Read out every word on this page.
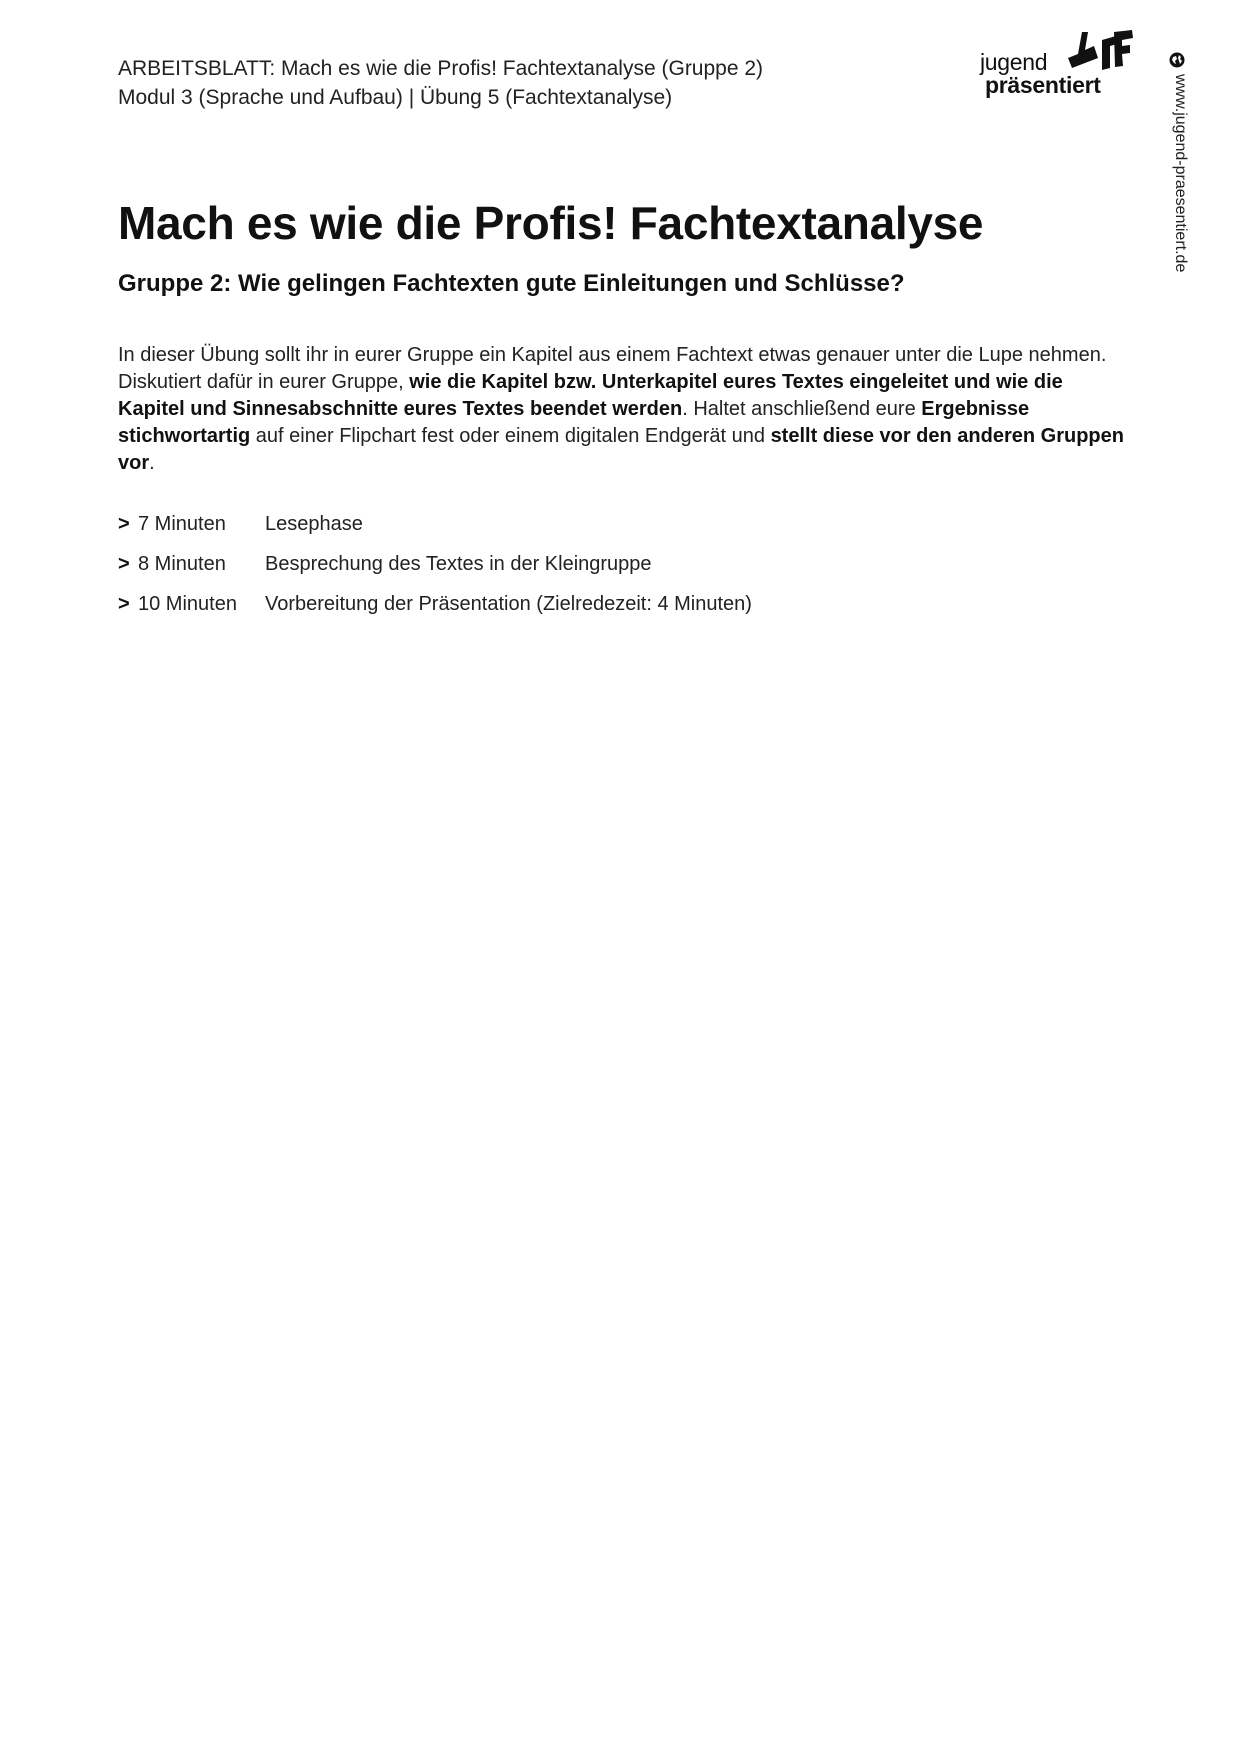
ARBEITSBLATT: Mach es wie die Profis! Fachtextanalyse (Gruppe 2)
Modul 3 (Sprache und Aufbau) | Übung 5 (Fachtextanalyse)
jugend
präsentiert	www.jugend-praesentiert.de
Mach es wie die Profis! Fachtextanalyse
Gruppe 2: Wie gelingen Fachtexten gute Einleitungen und Schlüsse?

In dieser Übung sollt ihr in eurer Gruppe ein Kapitel aus einem Fachtext etwas genauer unter die Lupe nehmen. Diskutiert dafür in eurer Gruppe, wie die Kapitel bzw. Unterkapitel eures Textes eingeleitet und wie die Kapitel und Sinnesabschnitte eures Textes beendet werden. Haltet anschließend eure Ergebnisse stichwortartig auf einer Flipchart fest oder einem digitalen Endgerät und stellt diese vor den anderen Gruppen vor.

> 7 Minuten	Lesephase
> 8 Minuten	Besprechung des Textes in der Kleingruppe
> 10 Minuten	Vorbereitung der Präsentation (Zielredezeit: 4 Minuten)
